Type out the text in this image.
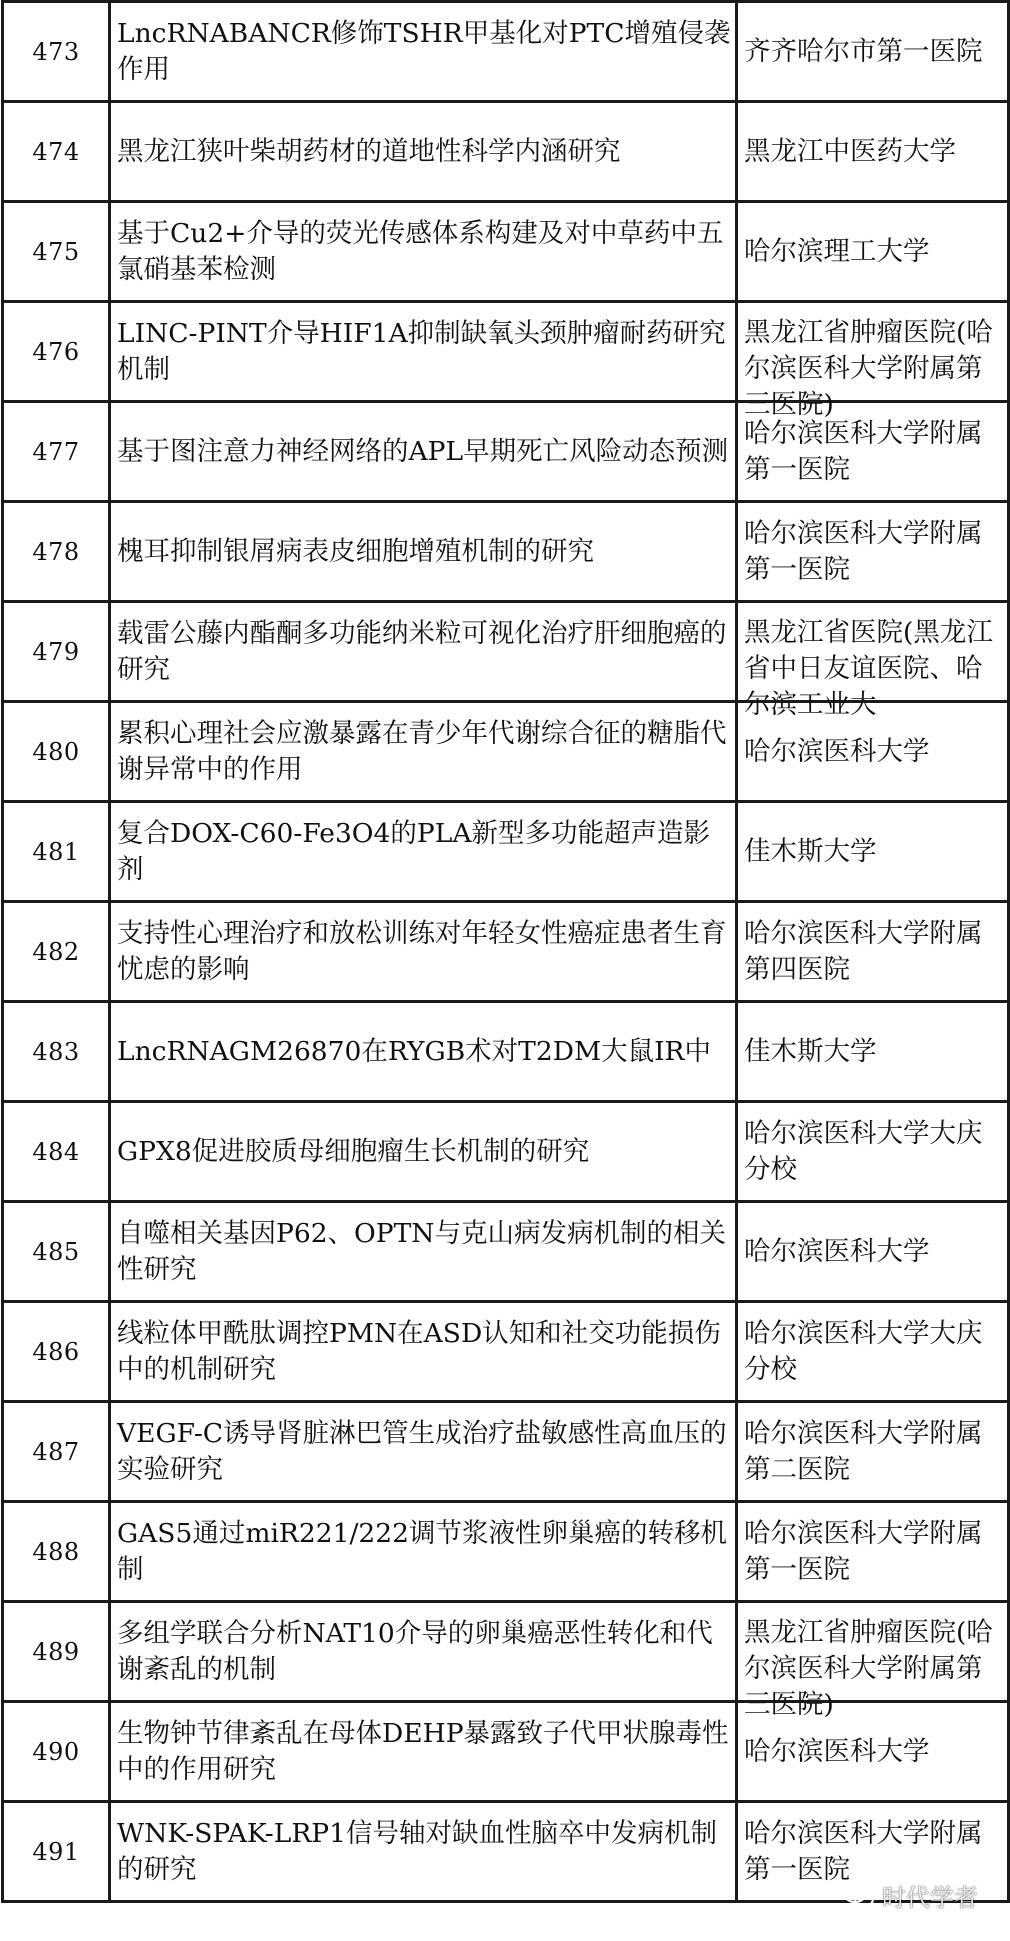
473	LncRNABANCR修饰TSHR甲基化对PTC增殖侵袭作用	齐齐哈尔市第一医院

474	黑龙江狭叶柴胡药材的道地性科学内涵研究	黑龙江中医药大学

475	基于Cu2+介导的荧光传感体系构建及对中草药中五氯硝基苯检测	哈尔滨理工大学

476	LINC-PINT介导HIF1A抑制缺氧头颈肿瘤耐药研究机制	黑龙江省肿瘤医院(哈尔滨医科大学附属第三医院)

477	基于图注意力神经网络的APL早期死亡风险动态预测	哈尔滨医科大学附属第一医院

478	槐耳抑制银屑病表皮细胞增殖机制的研究	哈尔滨医科大学附属第一医院

479	载雷公藤内酯酮多功能纳米粒可视化治疗肝细胞癌的研究	黑龙江省医院(黑龙江省中日友谊医院、哈尔滨工业大

480	累积心理社会应激暴露在青少年代谢综合征的糖脂代谢异常中的作用	哈尔滨医科大学

481	复合DOX-C60-Fe3O4的PLA新型多功能超声造影剂	佳木斯大学

482	支持性心理治疗和放松训练对年轻女性癌症患者生育忧虑的影响	哈尔滨医科大学附属第四医院

483	LncRNAGM26870在RYGB术对T2DM大鼠IR中	佳木斯大学

484	GPX8促进胶质母细胞瘤生长机制的研究	哈尔滨医科大学大庆分校

485	自噬相关基因P62、OPTN与克山病发病机制的相关性研究	哈尔滨医科大学

486	线粒体甲酰肽调控PMN在ASD认知和社交功能损伤中的机制研究	哈尔滨医科大学大庆分校

487	VEGF-C诱导肾脏淋巴管生成治疗盐敏感性高血压的实验研究	哈尔滨医科大学附属第二医院

488	GAS5通过miR221/222调节浆液性卵巢癌的转移机制	哈尔滨医科大学附属第一医院

489	多组学联合分析NAT10介导的卵巢癌恶性转化和代谢紊乱的机制	黑龙江省肿瘤医院(哈尔滨医科大学附属第三医院)

490	生物钟节律紊乱在母体DEHP暴露致子代甲状腺毒性中的作用研究	哈尔滨医科大学

491	WNK-SPAK-LRP1信号轴对缺血性脑卒中发病机制的研究	哈尔滨医科大学附属第一医院
时代学者
